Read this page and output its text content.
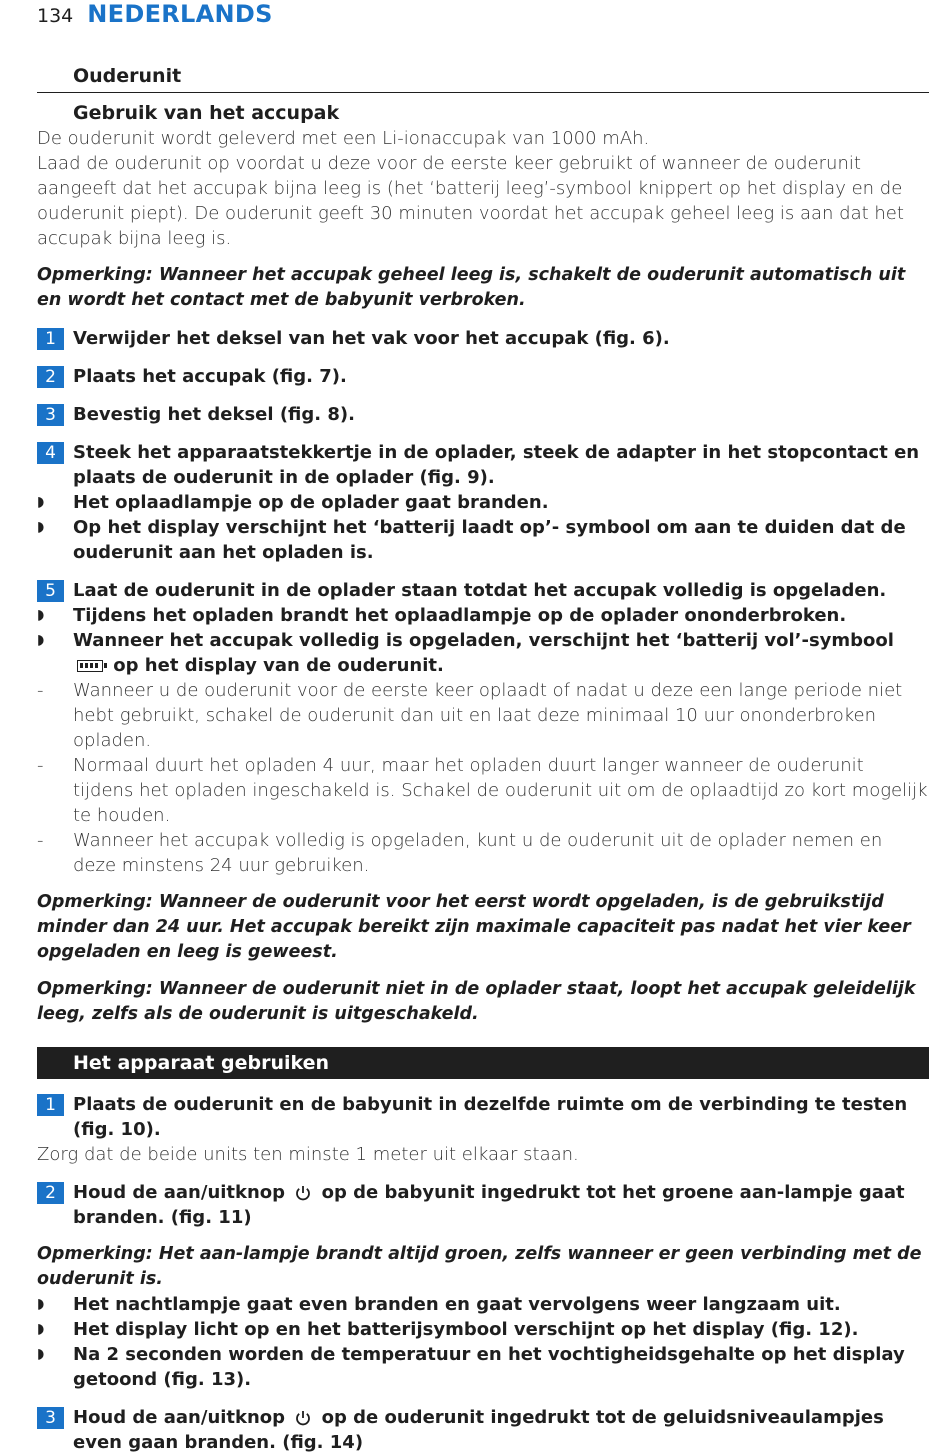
134 NEDERLANDS
Ouderunit
Gebruik van het accupak
De ouderunit wordt geleverd met een Li-ionaccupak van 1000 mAh.
Laad de ouderunit op voordat u deze voor de eerste keer gebruikt of wanneer de ouderunit aangeeft dat het accupak bijna leeg is (het ‘batterij leeg’-symbool knippert op het display en de ouderunit piept). De ouderunit geeft 30 minuten voordat het accupak geheel leeg is aan dat het accupak bijna leeg is.
Opmerking: Wanneer het accupak geheel leeg is, schakelt de ouderunit automatisch uit en wordt het contact met de babyunit verbroken.
1 Verwijder het deksel van het vak voor het accupak (fig. 6).
2 Plaats het accupak (fig. 7).
3 Bevestig het deksel (fig. 8).
4 Steek het apparaatstekkertje in de oplader, steek de adapter in het stopcontact en plaats de ouderunit in de oplader (fig. 9).
◗	Het oplaadlampje op de oplader gaat branden.
◗	Op het display verschijnt het ‘batterij laadt op’- symbool om aan te duiden dat de ouderunit aan het opladen is.
5 Laat de ouderunit in de oplader staan totdat het accupak volledig is opgeladen.
◗	Tijdens het opladen brandt het oplaadlampje op de oplader ononderbroken.
◗	Wanneer het accupak volledig is opgeladen, verschijnt het ‘batterij vol’-symbool  op het display van de ouderunit.
-	Wanneer u de ouderunit voor de eerste keer oplaadt of nadat u deze een lange periode niet hebt gebruikt, schakel de ouderunit dan uit en laat deze minimaal 10 uur ononderbroken opladen.
-	Normaal duurt het opladen 4 uur, maar het opladen duurt langer wanneer de ouderunit tijdens het opladen ingeschakeld is. Schakel de ouderunit uit om de oplaadtijd zo kort mogelijk te houden.
-	Wanneer het accupak volledig is opgeladen, kunt u de ouderunit uit de oplader nemen en deze minstens 24 uur gebruiken.
Opmerking: Wanneer de ouderunit voor het eerst wordt opgeladen, is de gebruikstijd minder dan 24 uur. Het accupak bereikt zijn maximale capaciteit pas nadat het vier keer opgeladen en leeg is geweest.
Opmerking: Wanneer de ouderunit niet in de oplader staat, loopt het accupak geleidelijk leeg, zelfs als de ouderunit is uitgeschakeld.
Het apparaat gebruiken
1 Plaats de ouderunit en de babyunit in dezelfde ruimte om de verbinding te testen (fig. 10).
Zorg dat de beide units ten minste 1 meter uit elkaar staan.
2 Houd de aan/uitknop op de babyunit ingedrukt tot het groene aan-lampje gaat branden. (fig. 11)
Opmerking: Het aan-lampje brandt altijd groen, zelfs wanneer er geen verbinding met de ouderunit is.
◗	Het nachtlampje gaat even branden en gaat vervolgens weer langzaam uit.
◗	Het display licht op en het batterijsymbool verschijnt op het display (fig. 12).
◗	Na 2 seconden worden de temperatuur en het vochtigheidsgehalte op het display getoond (fig. 13).
3 Houd de aan/uitknop op de ouderunit ingedrukt tot de geluidsniveaulampjes even gaan branden. (fig. 14)
